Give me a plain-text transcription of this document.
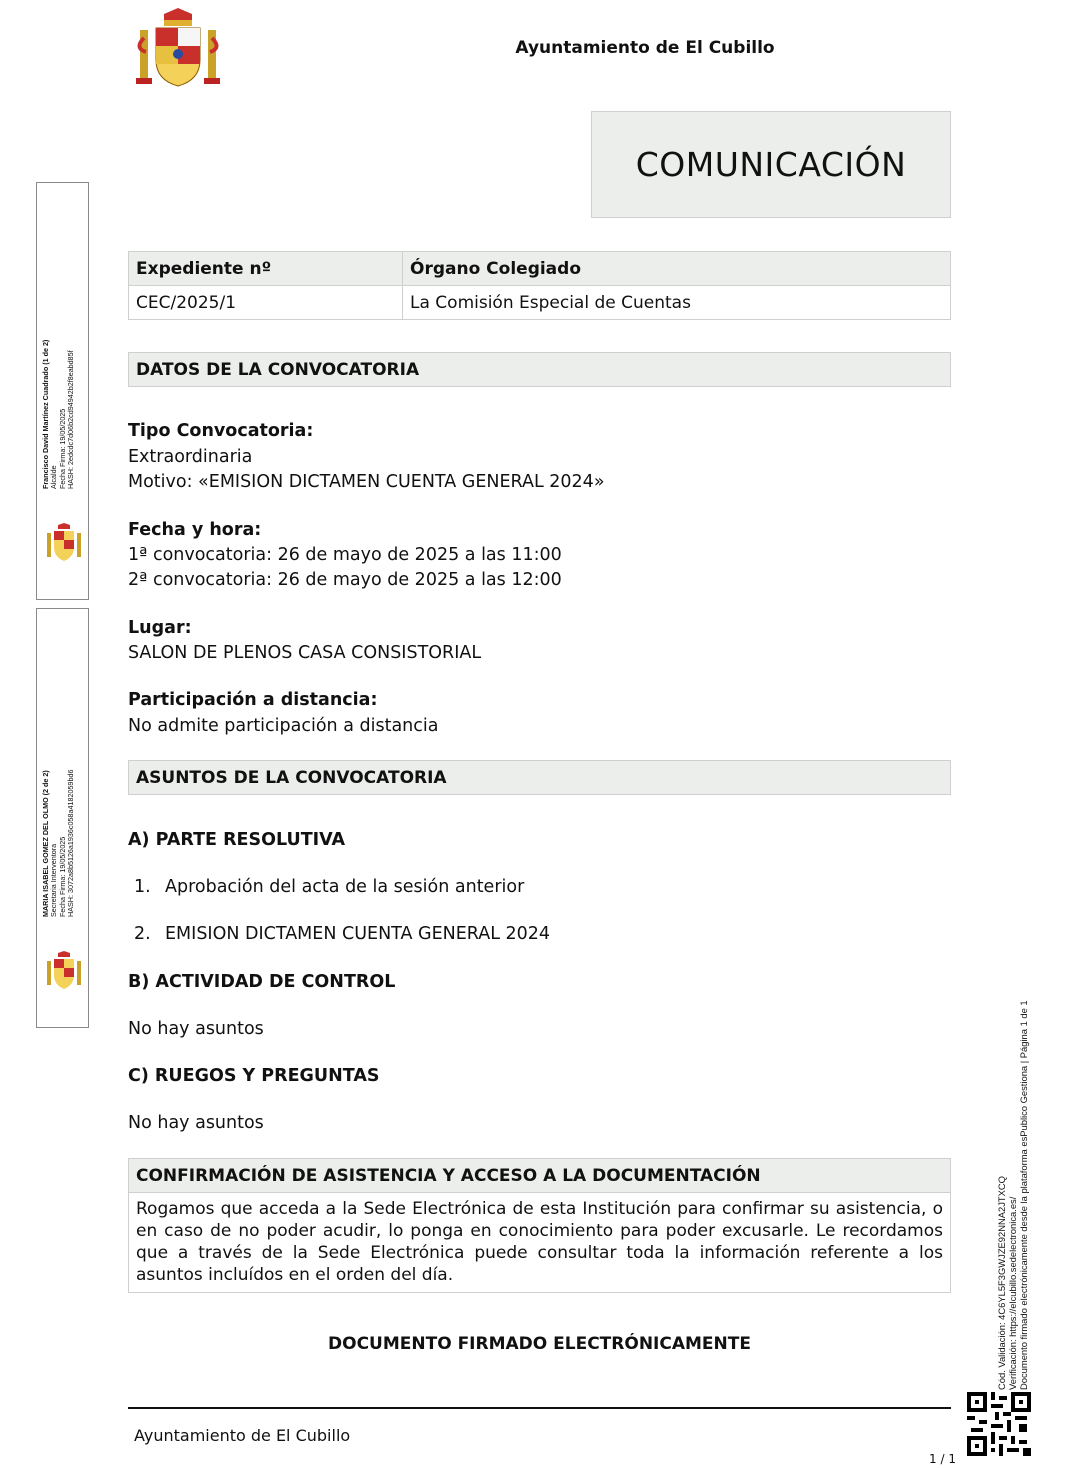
Ayuntamiento de El Cubillo
COMUNICACIÓN
Expediente nº	Órgano Colegiado
CEC/2025/1	La Comisión Especial de Cuentas
DATOS DE LA CONVOCATORIA
Tipo Convocatoria:
Extraordinaria
Motivo: «EMISION DICTAMEN CUENTA GENERAL 2024»
Fecha y hora:
1ª convocatoria: 26 de mayo de 2025 a las 11:00
2ª convocatoria: 26 de mayo de 2025 a las 12:00
Lugar:
SALON DE PLENOS CASA CONSISTORIAL
Participación a distancia:
No admite participación a distancia
ASUNTOS DE LA CONVOCATORIA
A) PARTE RESOLUTIVA
1. Aprobación del acta de la sesión anterior
2. EMISION DICTAMEN CUENTA GENERAL 2024
B) ACTIVIDAD DE CONTROL
No hay asuntos
C) RUEGOS Y PREGUNTAS
No hay asuntos
CONFIRMACIÓN DE ASISTENCIA Y ACCESO A LA DOCUMENTACIÓN
Rogamos que acceda a la Sede Electrónica de esta Institución para confirmar su asistencia, o en caso de no poder acudir, lo ponga en conocimiento para poder excusarle. Le recordamos que a través de la Sede Electrónica puede consultar toda la información referente a los asuntos incluídos en el orden del día.
DOCUMENTO FIRMADO ELECTRÓNICAMENTE
Ayuntamiento de El Cubillo
1 / 1
Francisco David Martínez Cuadrado (1 de 2) Alcalde Fecha Firma: 19/05/2025 HASH: 2edcdc7d06b2cd94942b2f8eabd85f
MARIA ISABEL GOMEZ DEL OLMO (2 de 2) Secretaria Interventora Fecha Firma: 19/05/2025 HASH: 3072a8b5126a1936c058a4182059bd6
Cód. Validación: 4C6YL5F3GWJZE92NNA2JTXCQ Verificación: https://elcubillo.sedelectronica.es/ Documento firmado electrónicamente desde la plataforma esPublico Gestiona | Página 1 de 1
